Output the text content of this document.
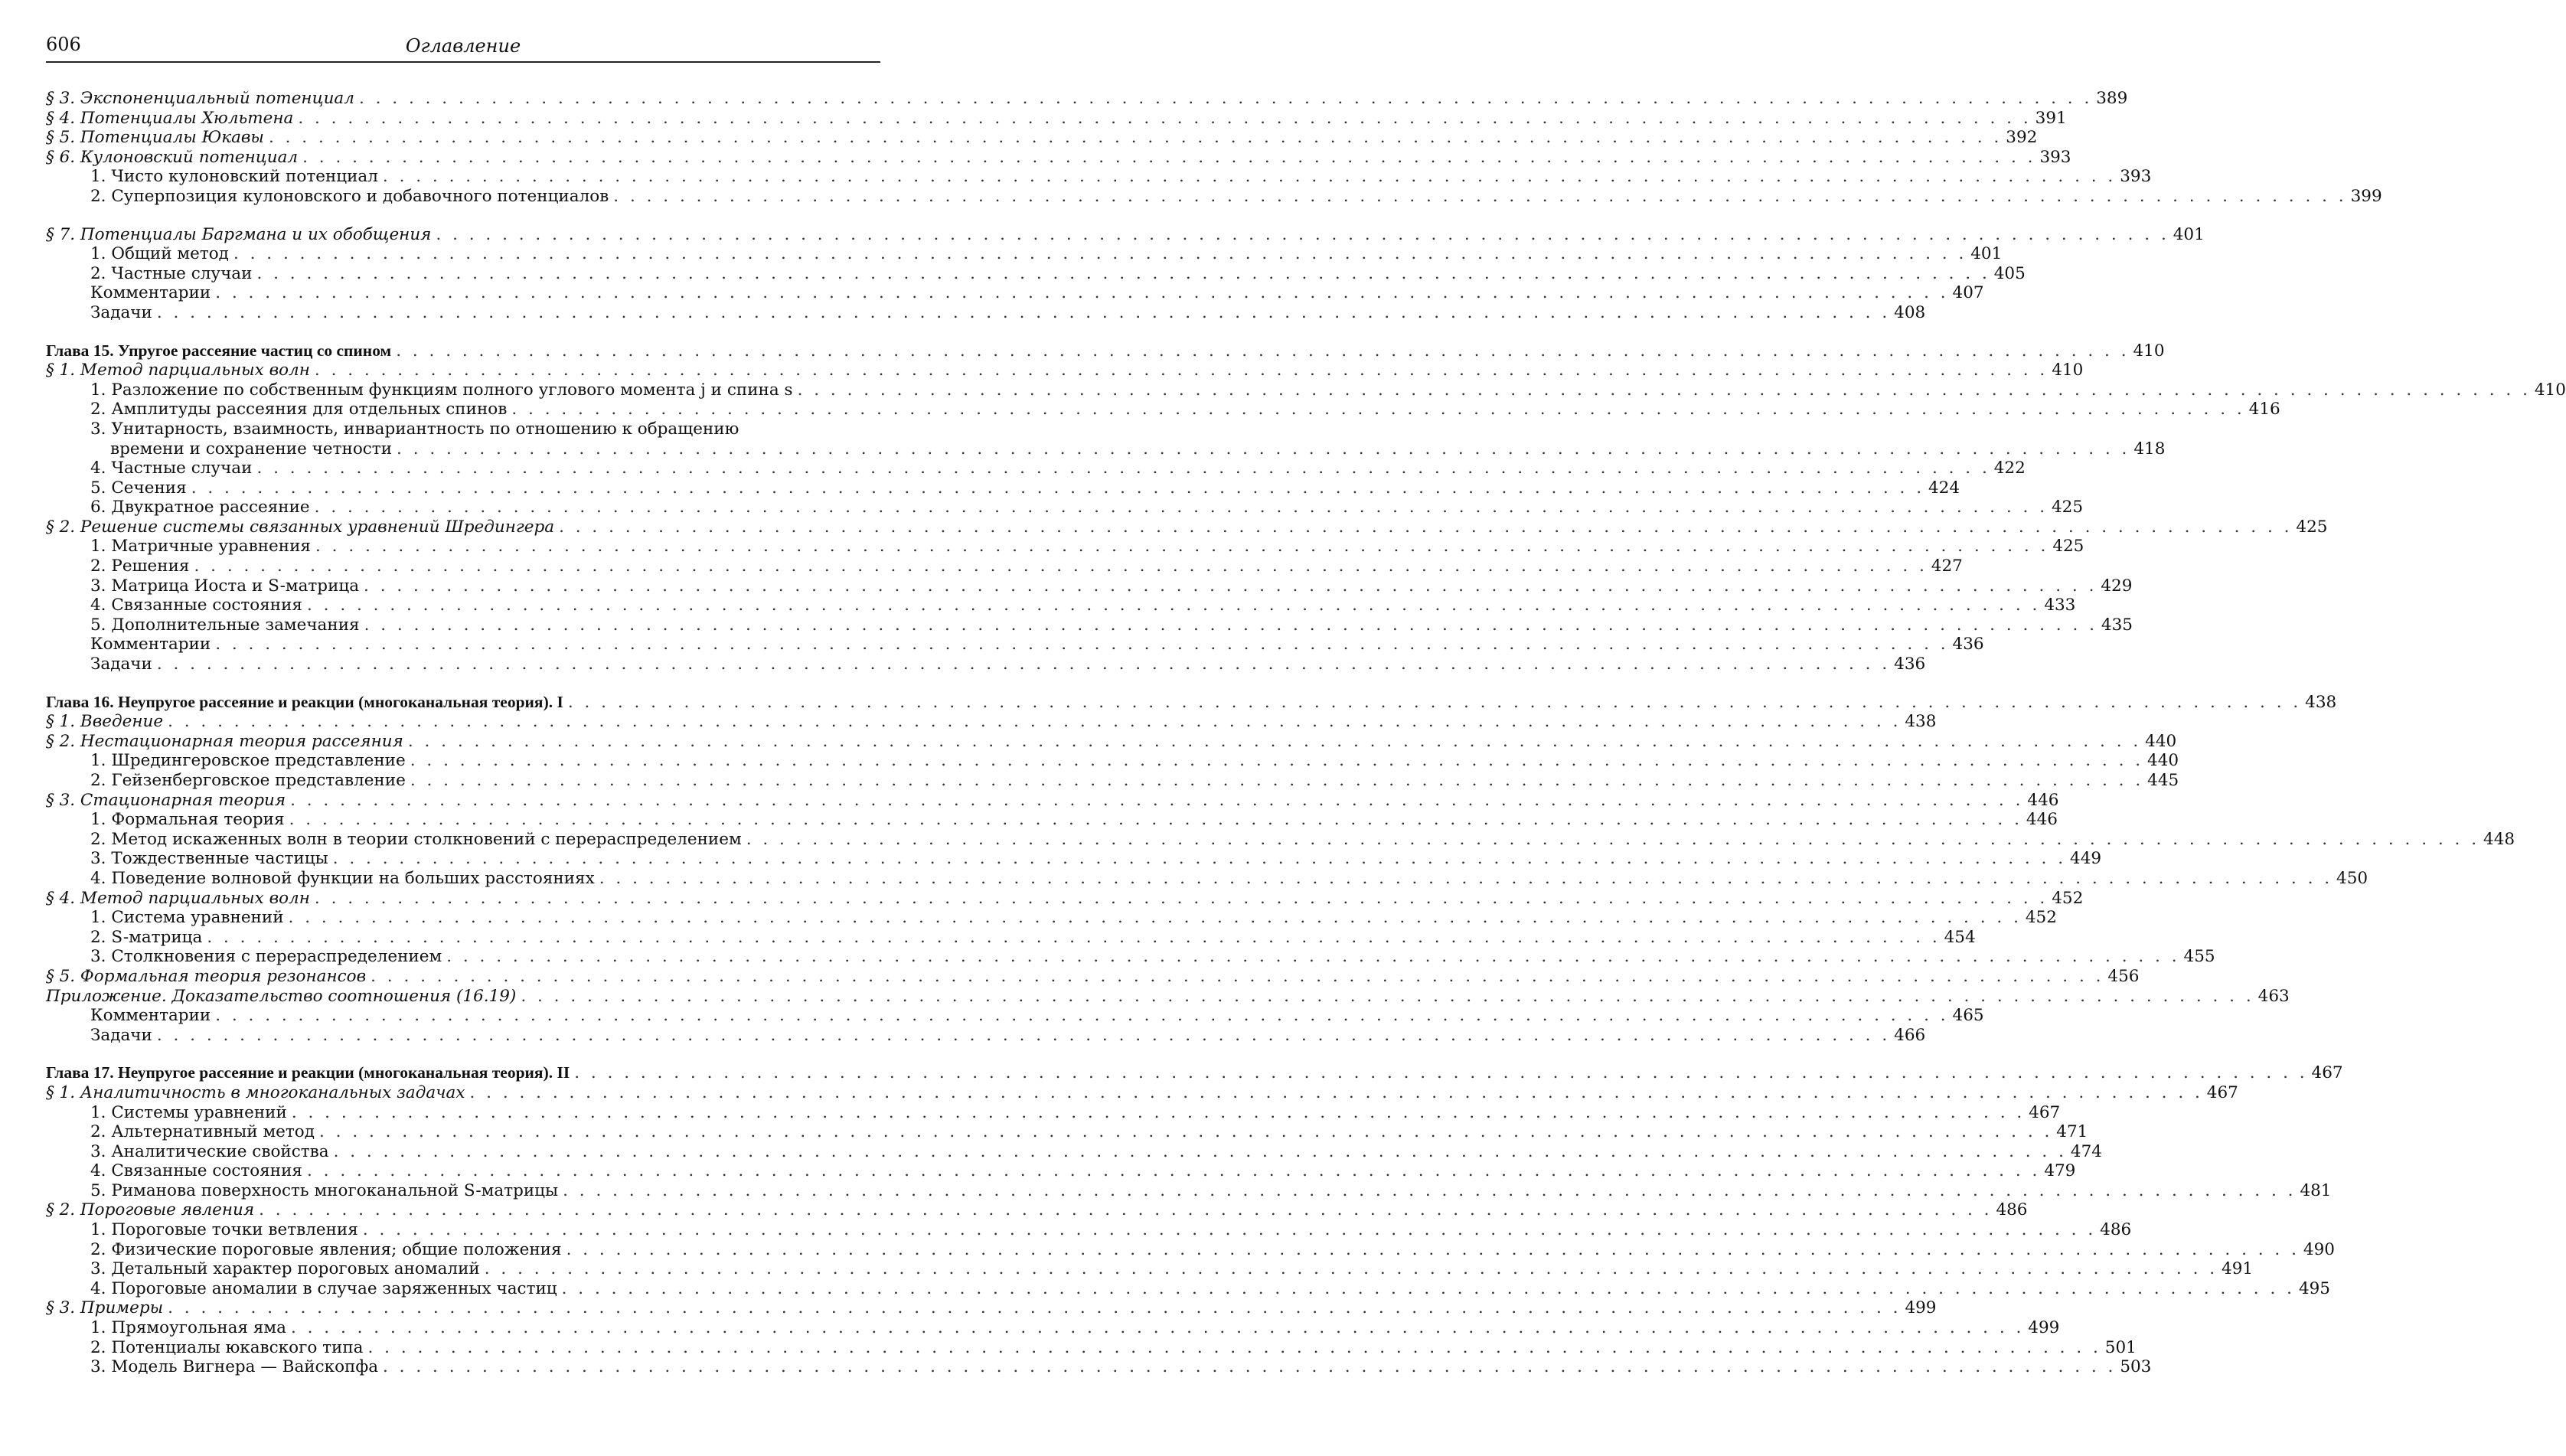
606	Оглавление
§ 3. Экспоненциальный потенциал . . .	389
§ 4. Потенциалы Хюльтена . . .	391
§ 5. Потенциалы Юкавы . . .	392
§ 6. Кулоновский потенциал . . .	393
1. Чисто кулоновский потенциал . . .	393
2. Суперпозиция кулоновского и добавочного потенциалов . . .	399
§ 7. Потенциалы Баргмана и их обобщения . . .	401
1. Общий метод . . .	401
2. Частные случаи . . .	405
Комментарии . . .	407
Задачи . . .	408
Глава 15. Упругое рассеяние частиц со спином . . .	410
§ 1. Метод парциальных волн . . .	410
1. Разложение по собственным функциям полного углового момента j и спина s . . .	410
2. Амплитуды рассеяния для отдельных спинов . . .	416
3. Унитарность, взаимность, инвариантность по отношению к обращению
времени и сохранение четности . . .	418
4. Частные случаи . . .	422
5. Сечения . . .	424
6. Двукратное рассеяние . . .	425
§ 2. Решение системы связанных уравнений Шредингера . . .	425
1. Матричные уравнения . . .	425
2. Решения . . .	427
3. Матрица Иоста и S-матрица . . .	429
4. Связанные состояния . . .	433
5. Дополнительные замечания . . .	435
Комментарии . . .	436
Задачи . . .	436
Глава 16. Неупругое рассеяние и реакции (многоканальная теория). I . . .	438
§ 1. Введение . . .	438
§ 2. Нестационарная теория рассеяния . . .	440
1. Шредингеровское представление . . .	440
2. Гейзенберговское представление . . .	445
§ 3. Стационарная теория . . .	446
1. Формальная теория . . .	446
2. Метод искаженных волн в теории столкновений с перераспределением . . .	448
3. Тождественные частицы . . .	449
4. Поведение волновой функции на больших расстояниях . . .	450
§ 4. Метод парциальных волн . . .	452
1. Система уравнений . . .	452
2. S-матрица . . .	454
3. Столкновения с перераспределением . . .	455
§ 5. Формальная теория резонансов . . .	456
Приложение. Доказательство соотношения (16.19) . . .	463
Комментарии . . .	465
Задачи . . .	466
Глава 17. Неупругое рассеяние и реакции (многоканальная теория). II . . .	467
§ 1. Аналитичность в многоканальных задачах . . .	467
1. Системы уравнений . . .	467
2. Альтернативный метод . . .	471
3. Аналитические свойства . . .	474
4. Связанные состояния . . .	479
5. Риманова поверхность многоканальной S-матрицы . . .	481
§ 2. Пороговые явления . . .	486
1. Пороговые точки ветвления . . .	486
2. Физические пороговые явления; общие положения . . .	490
3. Детальный характер пороговых аномалий . . .	491
4. Пороговые аномалии в случае заряженных частиц . . .	495
§ 3. Примеры . . .	499
1. Прямоугольная яма . . .	499
2. Потенциалы юкавского типа . . .	501
3. Модель Вигнера — Вайскопфа . . .	503
